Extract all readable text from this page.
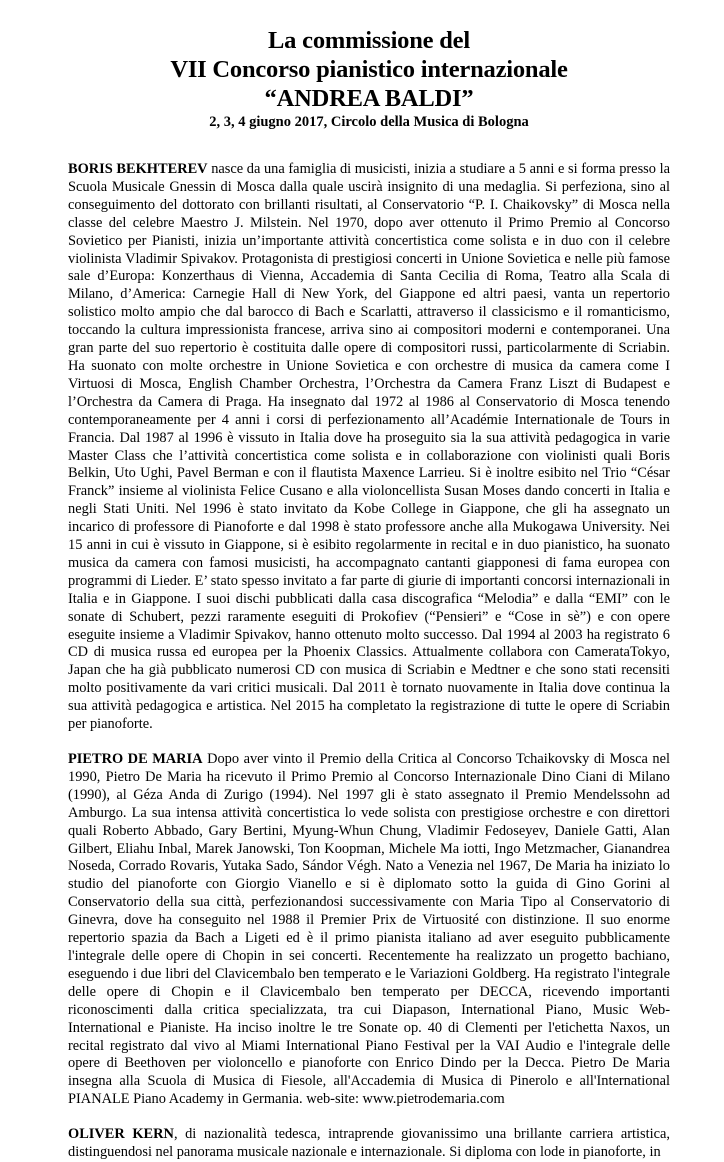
La commissione del
VII Concorso pianistico internazionale
“ANDREA BALDI”
2, 3, 4 giugno 2017, Circolo della Musica di Bologna

BORIS BEKHTEREV nasce da una famiglia di musicisti, inizia a studiare a 5 anni e si forma presso la Scuola Musicale Gnessin di Mosca dalla quale uscirà insignito di una medaglia. Si perfeziona, sino al conseguimento del dottorato con brillanti risultati, al Conservatorio “P. I. Chaikovsky” di Mosca nella classe del celebre Maestro J. Milstein. Nel 1970, dopo aver ottenuto il Primo Premio al Concorso Sovietico per Pianisti, inizia un’importante attività concertistica come solista e in duo con il celebre violinista Vladimir Spivakov. Protagonista di prestigiosi concerti in Unione Sovietica e nelle più famose sale d’Europa: Konzerthaus di Vienna, Accademia di Santa Cecilia di Roma, Teatro alla Scala di Milano, d’America: Carnegie Hall di New York, del Giappone ed altri paesi, vanta un repertorio solistico molto ampio che dal barocco di Bach e Scarlatti, attraverso il classicismo e il romanticismo, toccando la cultura impressionista francese, arriva sino ai compositori moderni e contemporanei. Una gran parte del suo repertorio è costituita dalle opere di compositori russi, particolarmente di Scriabin. Ha suonato con molte orchestre in Unione Sovietica e con orchestre di musica da camera come I Virtuosi di Mosca, English Chamber Orchestra, l’Orchestra da Camera Franz Liszt di Budapest e l’Orchestra da Camera di Praga. Ha insegnato dal 1972 al 1986 al Conservatorio di Mosca tenendo contemporaneamente per 4 anni i corsi di perfezionamento all’Académie Internationale de Tours in Francia. Dal 1987 al 1996 è vissuto in Italia dove ha proseguito sia la sua attività pedagogica in varie Master Class che l’attività concertistica come solista e in collaborazione con violinisti quali Boris Belkin, Uto Ughi, Pavel Berman e con il flautista Maxence Larrieu. Si è inoltre esibito nel Trio “César Franck” insieme al violinista Felice Cusano e alla violoncellista Susan Moses dando concerti in Italia e negli Stati Uniti. Nel 1996 è stato invitato da Kobe College in Giappone, che gli ha assegnato un incarico di professore di Pianoforte e dal 1998 è stato professore anche alla Mukogawa University. Nei 15 anni in cui è vissuto in Giappone, si è esibito regolarmente in recital e in duo pianistico, ha suonato musica da camera con famosi musicisti, ha accompagnato cantanti giapponesi di fama europea con programmi di Lieder. E’ stato spesso invitato a far parte di giurie di importanti concorsi internazionali in Italia e in Giappone. I suoi dischi pubblicati dalla casa discografica “Melodia” e dalla “EMI” con le sonate di Schubert, pezzi raramente eseguiti di Prokofiev (“Pensieri” e “Cose in sè”) e con opere eseguite insieme a Vladimir Spivakov, hanno ottenuto molto successo. Dal 1994 al 2003 ha registrato 6 CD di musica russa ed europea per la Phoenix Classics. Attualmente collabora con CamerataTokyo, Japan che ha già pubblicato numerosi CD con musica di Scriabin e Medtner e che sono stati recensiti molto positivamente da vari critici musicali. Dal 2011 è tornato nuovamente in Italia dove continua la sua attività pedagogica e artistica. Nel 2015 ha completato la registrazione di tutte le opere di Scriabin per pianoforte.

PIETRO DE MARIA Dopo aver vinto il Premio della Critica al Concorso Tchaikovsky di Mosca nel 1990, Pietro De Maria ha ricevuto il Primo Premio al Concorso Internazionale Dino Ciani di Milano (1990), al Géza Anda di Zurigo (1994). Nel 1997 gli è stato assegnato il Premio Mendelssohn ad Amburgo. La sua intensa attività concertistica lo vede solista con prestigiose orchestre e con direttori quali Roberto Abbado, Gary Bertini, Myung-Whun Chung, Vladimir Fedoseyev, Daniele Gatti, Alan Gilbert, Eliahu Inbal, Marek Janowski, Ton Koopman, Michele Ma iotti, Ingo Metzmacher, Gianandrea Noseda, Corrado Rovaris, Yutaka Sado, Sándor Végh. Nato a Venezia nel 1967, De Maria ha iniziato lo studio del pianoforte con Giorgio Vianello e si è diplomato sotto la guida di Gino Gorini al Conservatorio della sua città, perfezionandosi successivamente con Maria Tipo al Conservatorio di Ginevra, dove ha conseguito nel 1988 il Premier Prix de Virtuosité con distinzione. Il suo enorme repertorio spazia da Bach a Ligeti ed è il primo pianista italiano ad aver eseguito pubblicamente l'integrale delle opere di Chopin in sei concerti. Recentemente ha realizzato un progetto bachiano, eseguendo i due libri del Clavicembalo ben temperato e le Variazioni Goldberg. Ha registrato l'integrale delle opere di Chopin e il Clavicembalo ben temperato per DECCA, ricevendo importanti riconoscimenti dalla critica specializzata, tra cui Diapason, International Piano, Music Web-International e Pianiste. Ha inciso inoltre le tre Sonate op. 40 di Clementi per l'etichetta Naxos, un recital registrato dal vivo al Miami International Piano Festival per la VAI Audio e l'integrale delle opere di Beethoven per violoncello e pianoforte con Enrico Dindo per la Decca. Pietro De Maria insegna alla Scuola di Musica di Fiesole, all'Accademia di Musica di Pinerolo e all'International PIANALE Piano Academy in Germania. web-site: www.pietrodemaria.com

OLIVER KERN, di nazionalità tedesca, intraprende giovanissimo una brillante carriera artistica, distinguendosi nel panorama musicale nazionale e internazionale. Si diploma con lode in pianoforte, in
